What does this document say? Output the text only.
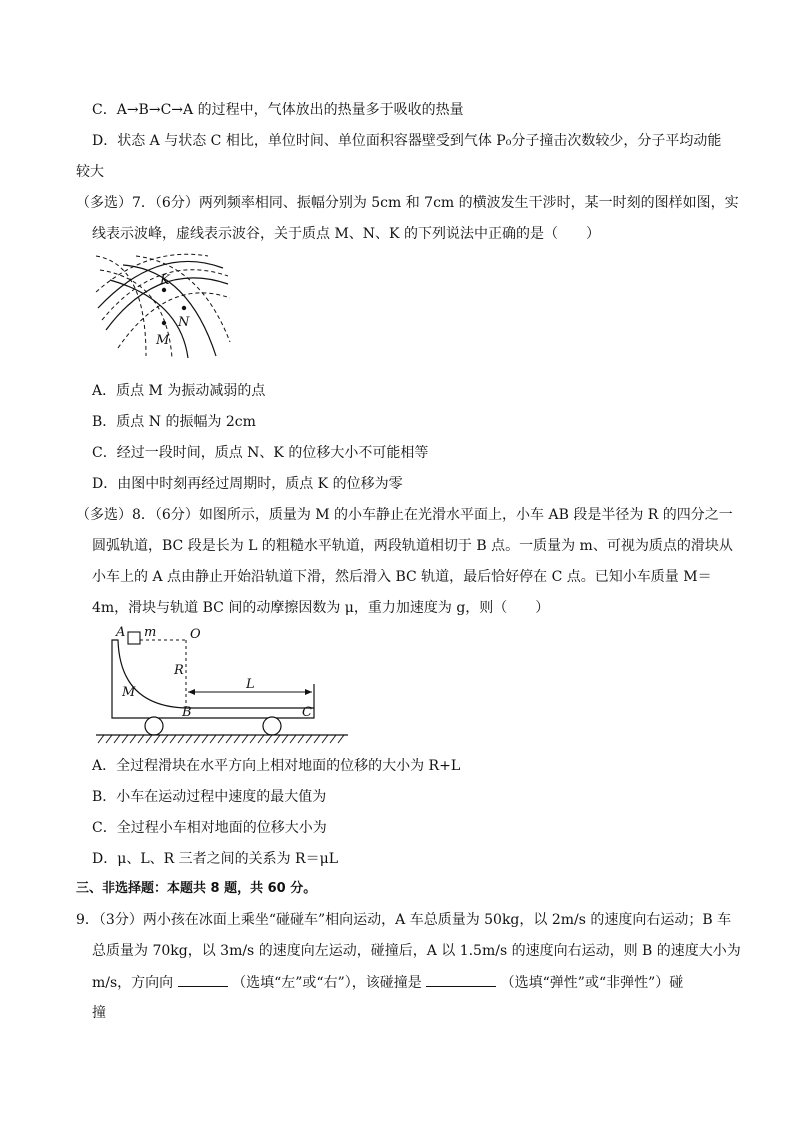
C．A→B→C→A 的过程中，气体放出的热量多于吸收的热量
D．状态 A 与状态 C 相比，单位时间、单位面积容器壁受到气体 P₀分子撞击次数较少，分子平均动能
较大
（多选）7．（6分）两列频率相同、振幅分别为 5cm 和 7cm 的横波发生干涉时，某一时刻的图样如图，实
线表示波峰，虚线表示波谷，关于质点 M、N、K 的下列说法中正确的是（　　）
K
N
M
A．质点 M 为振动减弱的点
B．质点 N 的振幅为 2cm
C．经过一段时间，质点 N、K 的位移大小不可能相等
D．由图中时刻再经过周期时，质点 K 的位移为零
（多选）8．（6分）如图所示，质量为 M 的小车静止在光滑水平面上，小车 AB 段是半径为 R 的四分之一
圆弧轨道，BC 段是长为 L 的粗糙水平轨道，两段轨道相切于 B 点。一质量为 m、可视为质点的滑块从
小车上的 A 点由静止开始沿轨道下滑，然后滑入 BC 轨道，最后恰好停在 C 点。已知小车质量 M＝
4m，滑块与轨道 BC 间的动摩擦因数为 μ，重力加速度为 g，则（　　）
A m	O
R
M
L
B	C
A．全过程滑块在水平方向上相对地面的位移的大小为 R+L
B．小车在运动过程中速度的最大值为
C．全过程小车相对地面的位移大小为
D．μ、L、R 三者之间的关系为 R＝μL
三、非选择题：本题共 8 题，共 60 分。
9．（3分）两小孩在冰面上乘坐“碰碰车”相向运动，A 车总质量为 50kg，以 2m/s 的速度向右运动；B 车
总质量为 70kg，以 3m/s 的速度向左运动，碰撞后，A 以 1.5m/s 的速度向右运动，则 B 的速度大小为
m/s，方向向	（选填“左”或“右”），该碰撞是	（选填“弹性”或“非弹性”）碰
撞
